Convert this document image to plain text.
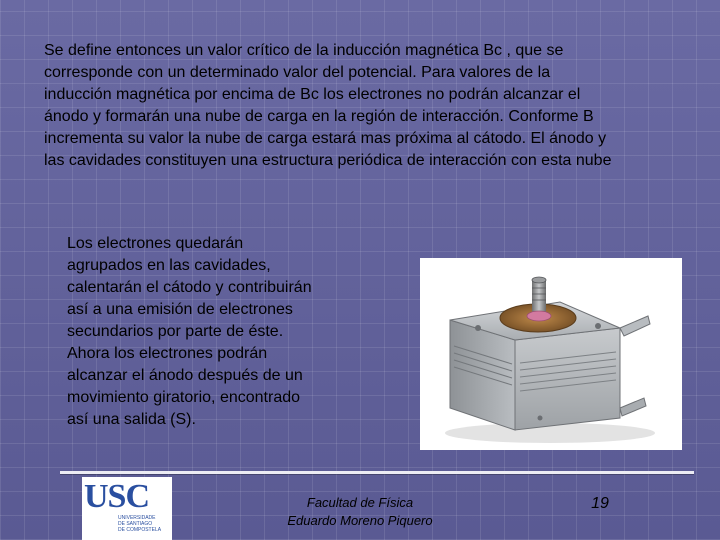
Se define entonces un valor crítico de la inducción magnética Bc , que se
corresponde con un determinado valor del potencial. Para valores de la
inducción magnética por encima de Bc los electrones no podrán alcanzar el
ánodo y formarán una nube de carga en la región de interacción. Conforme B
incrementa su valor la nube de carga estará mas próxima al cátodo. El ánodo y
las cavidades constituyen una estructura periódica de interacción con esta nube
Los electrones quedarán
agrupados en las cavidades,
calentarán el cátodo y contribuirán
así a una emisión de electrones
secundarios por parte de éste.
Ahora los electrones podrán
alcanzar el ánodo después de un
movimiento giratorio, encontrado
así una salida (S).
USC
UNIVERSIDADE
DE SANTIAGO
DE COMPOSTELA
Facultad de Física
Eduardo Moreno Piquero
19
